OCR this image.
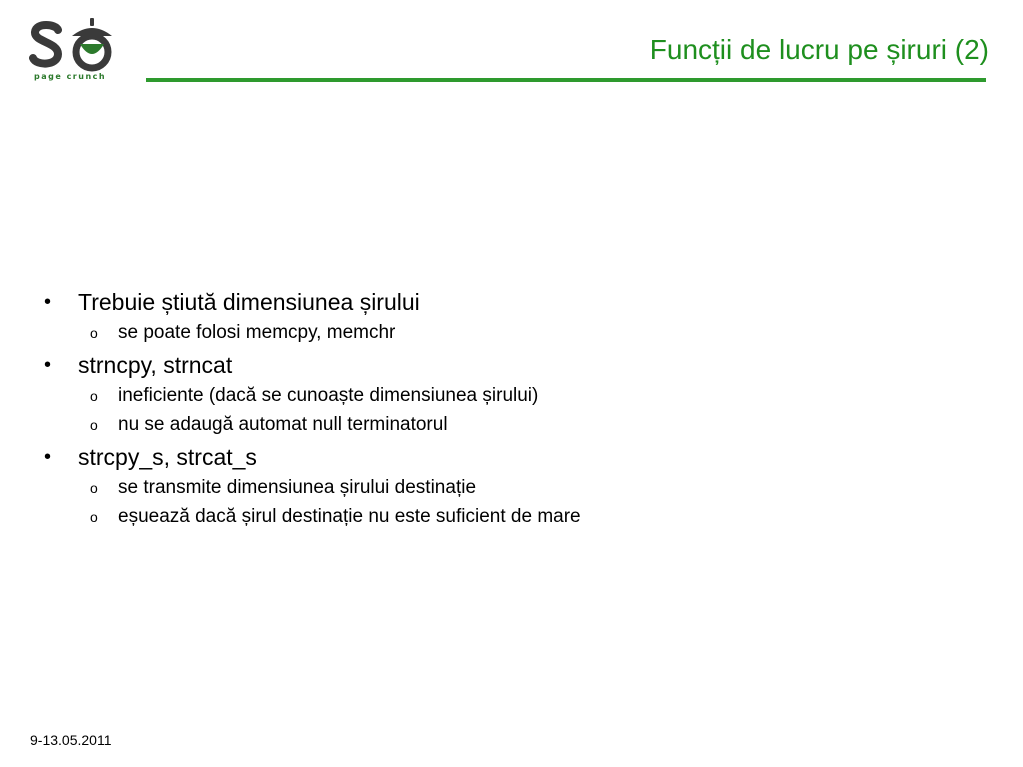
page crunch
Funcții de lucru pe șiruri (2)
• Trebuie știută dimensiunea șirului
o se poate folosi memcpy, memchr
• strncpy, strncat
o ineficiente (dacă se cunoaște dimensiunea șirului)
o nu se adaugă automat null terminatorul
• strcpy_s, strcat_s
o se transmite dimensiunea șirului destinație
o eșuează dacă șirul destinație nu este suficient de mare
9-13.05.2011
